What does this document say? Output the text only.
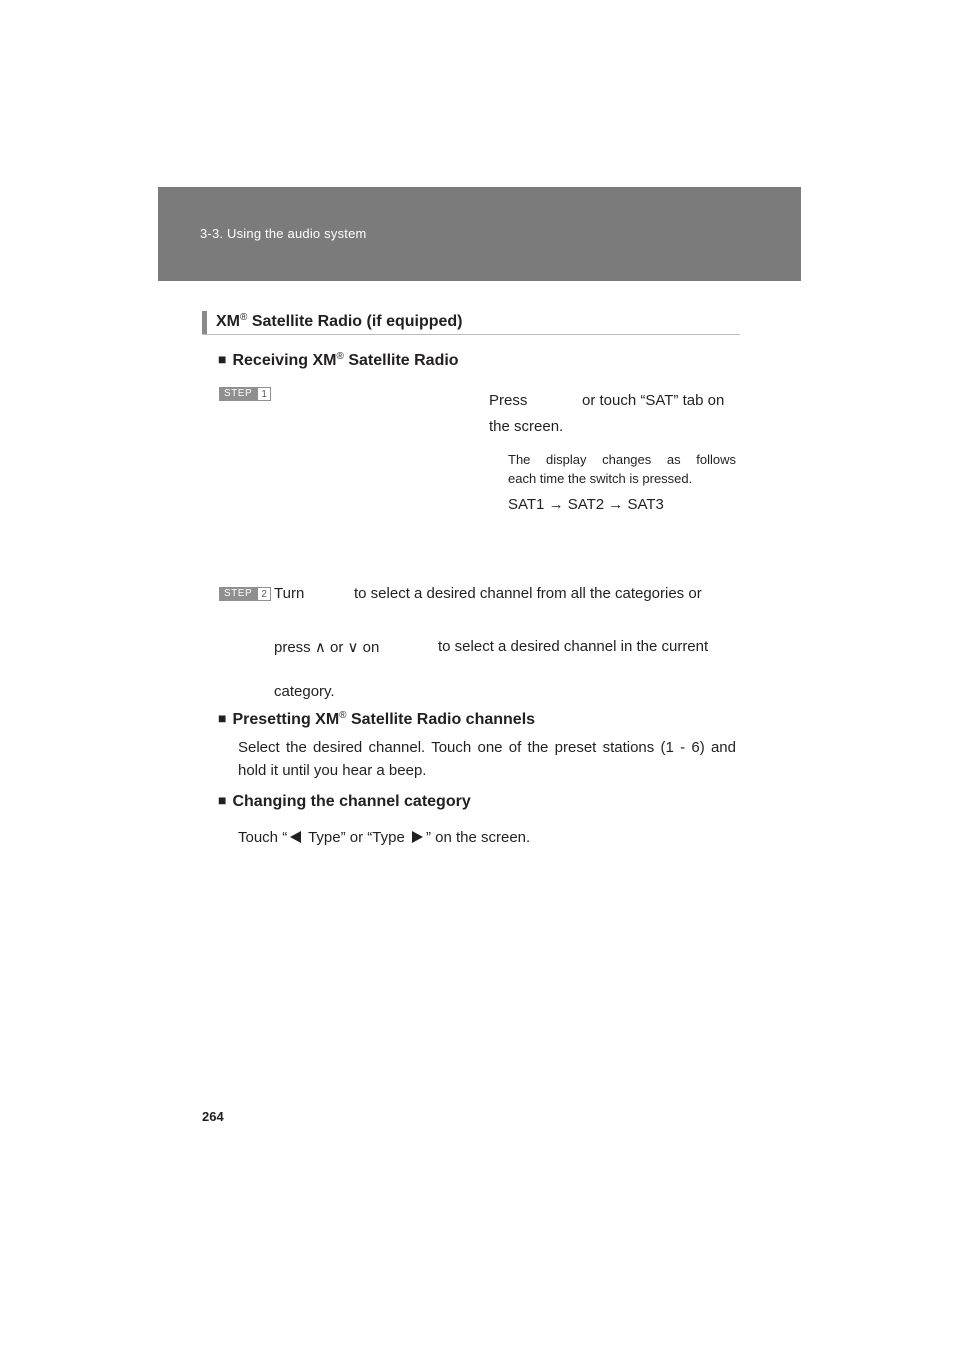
3-3. Using the audio system
XM® Satellite Radio (if equipped)
■ Receiving XM® Satellite Radio
STEP 1	Press	or touch “SAT” tab on
the screen.
The display changes as follows
each time the switch is pressed.
SAT1 → SAT2 → SAT3
STEP 2 Turn	to select a desired channel from all the categories or
press ∧ or ∨ on	to select a desired channel in the current
category.
■ Presetting XM® Satellite Radio channels
Select the desired channel. Touch one of the preset stations (1 - 6) and
hold it until you hear a beep.
■ Changing the channel category
Touch “ Type” or “Type ” on the screen.
264
